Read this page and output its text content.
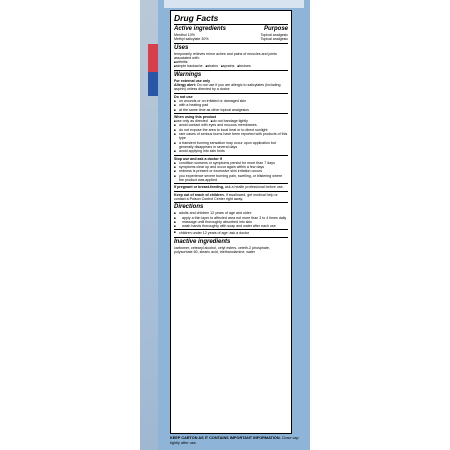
Drug Facts
Active ingredients	Purpose
Menthol 10%	Topical analgesic
Methyl salicylate 30%	Topical analgesic
Uses
temporarily relieves minor aches and pains of muscles and joints associated with:
■ arthritis
■ simple backache	■ strains	■ sprains	■ bruises
Warnings
For external use only
Allergy alert: Do not use if you are allergic to salicylates (including aspirin) unless directed by a doctor
Do not use
■ on wounds or on irritated or damaged skin
■ with a heating pad
■ at the same time as other topical analgesics
When using this product
■ use only as directed	■ do not bandage tightly
■ avoid contact with eyes and mucous membranes
■ do not expose the area to local heat or to direct sunlight
■ rare cases of serious burns have been reported with products of this type
■ a transient burning sensation may occur upon application but generally disappears in several days
■ avoid applying into skin folds
Stop use and ask a doctor if
■ condition worsens or symptoms persist for more than 7 days
■ symptoms clear up and occur again within a few days
■ redness is present or excessive skin irritation occurs
■ you experience severe burning pain, swelling, or blistering where the product was applied
If pregnant or breast-feeding, ask a health professional before use.
Keep out of reach of children. If swallowed, get medical help or contact a Poison Control Center right away.
Directions
■ adults and children 12 years of age and older:
■ apply a thin layer to affected area not more than 3 to 4 times daily
■ massage until thoroughly absorbed into skin
■ wash hands thoroughly with soap and water after each use
■ children under 12 years of age: ask a doctor
Inactive ingredients
carbomer, cetearyl alcohol, cetyl esters, ceteth-2 phosphate, polysorbate 60, stearic acid, triethanolamine, water
KEEP CARTON AS IT CONTAINS IMPORTANT INFORMATION. Close cap tightly after use.
